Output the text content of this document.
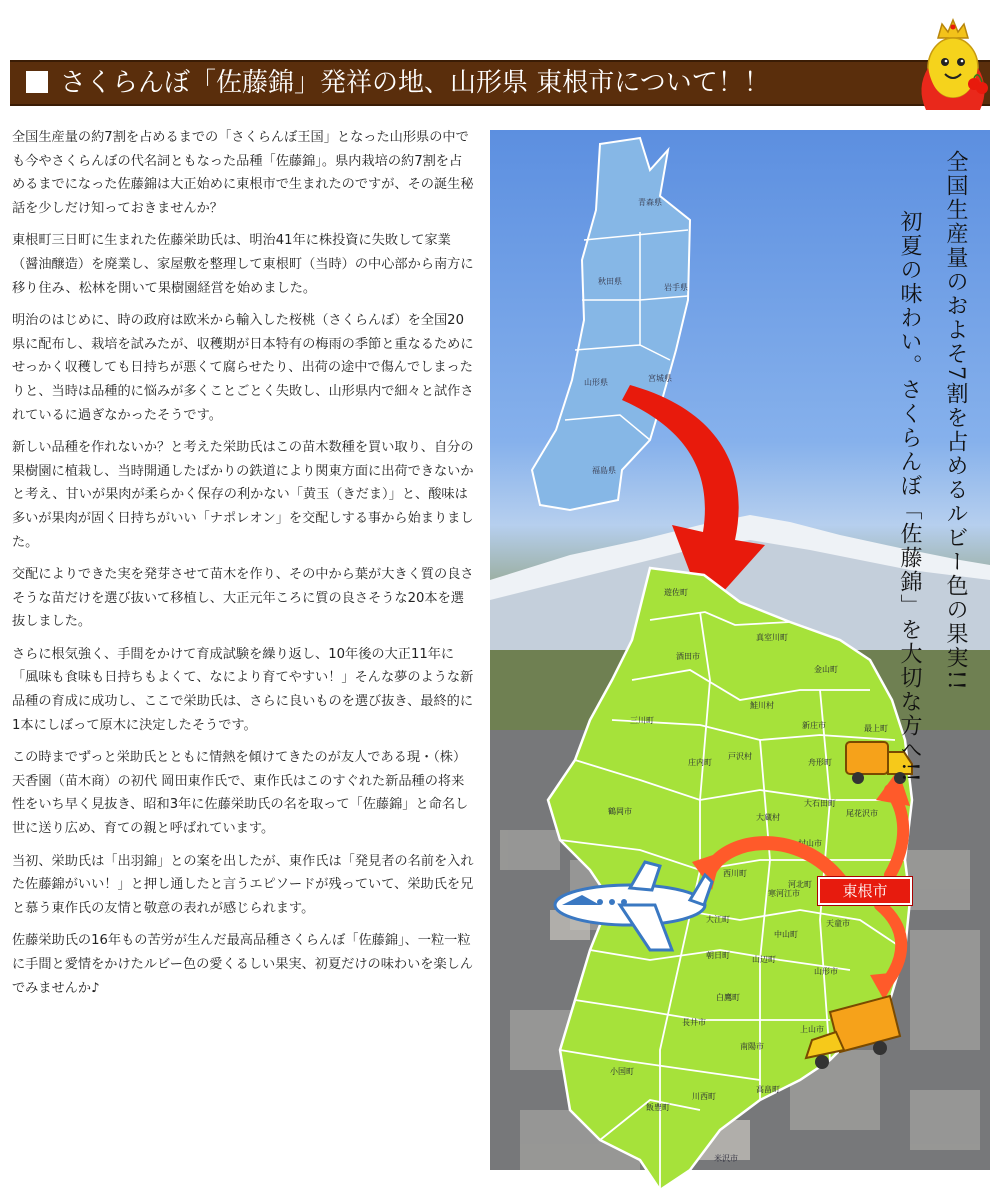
さくらんぼ「佐藤錦」発祥の地、山形県 東根市について！！

全国生産量の約7割を占めるまでの「さくらんぼ王国」となった山形県の中でも今やさくらんぼの代名詞ともなった品種「佐藤錦」。県内栽培の約7割を占めるまでになった佐藤錦は大正始めに東根市で生まれたのですが、その誕生秘話を少しだけ知っておきませんか？

東根町三日町に生まれた佐藤栄助氏は、明治41年に株投資に失敗して家業（醤油醸造）を廃業し、家屋敷を整理して東根町（当時）の中心部から南方に移り住み、松林を開いて果樹園経営を始めました。

明治のはじめに、時の政府は欧米から輸入した桜桃（さくらんぼ）を全国20県に配布し、栽培を試みたが、収穫期が日本特有の梅雨の季節と重なるためにせっかく収穫しても日持ちが悪くて腐らせたり、出荷の途中で傷んでしまったりと、当時は品種的に悩みが多くことごとく失敗し、山形県内で細々と試作されているに過ぎなかったそうです。

新しい品種を作れないか？と考えた栄助氏はこの苗木数種を買い取り、自分の果樹園に植栽し、当時開通したばかりの鉄道により関東方面に出荷できないかと考え、甘いが果肉が柔らかく保存の利かない「黄玉（きだま）」と、酸味は多いが果肉が固く日持ちがいい「ナポレオン」を交配しする事から始まりました。

交配によりできた実を発芽させて苗木を作り、その中から葉が大きく質の良さそうな苗だけを選び抜いて移植し、大正元年ころに質の良さそうな20本を選抜しました。

さらに根気強く、手間をかけて育成試験を繰り返し、10年後の大正11年に「風味も食味も日持ちもよくて、なにより育てやすい！」そんな夢のような新品種の育成に成功し、ここで栄助氏は、さらに良いものを選び抜き、最終的に1本にしぼって原木に決定したそうです。

この時までずっと栄助氏とともに情熱を傾けてきたのが友人である現・（株）天香園（苗木商）の初代 岡田東作氏で、東作氏はこのすぐれた新品種の将来性をいち早く見抜き、昭和3年に佐藤栄助氏の名を取って「佐藤錦」と命名し世に送り広め、育ての親と呼ばれています。

当初、栄助氏は「出羽錦」との案を出したが、東作氏は「発見者の名前を入れた佐藤錦がいい！」と押し通したと言うエピソードが残っていて、栄助氏を兄と慕う東作氏の友情と敬意の表れが感じられます。

佐藤栄助氏の16年もの苦労が生んだ最高品種さくらんぼ「佐藤錦」、一粒一粒に手間と愛情をかけたルビー色の愛くるしい果実、初夏だけの味わいを楽しんでみませんか♪

青森県
秋田県
岩手県
山形県	宮城県
福島県
遊佐町
酒田市
庄内町
三川町
鶴岡市
戸沢村
鮭川村
真室川町
金山町
新庄市	最上町
舟形町
大蔵村	尾花沢市
大石田町
村山市
西川町
河北町
寒河江市
大江町
朝日町
中山町
山辺町
天童市
山形市
白鷹町
長井市
南陽市
上山市
小国町
飯豊町
川西町
高畠町
米沢市
東根市
全国生産量のおよそ7割を占めるルビー色の果実!!
初夏の味わい。さくらんぼ「佐藤錦」を大切な方へ!!
